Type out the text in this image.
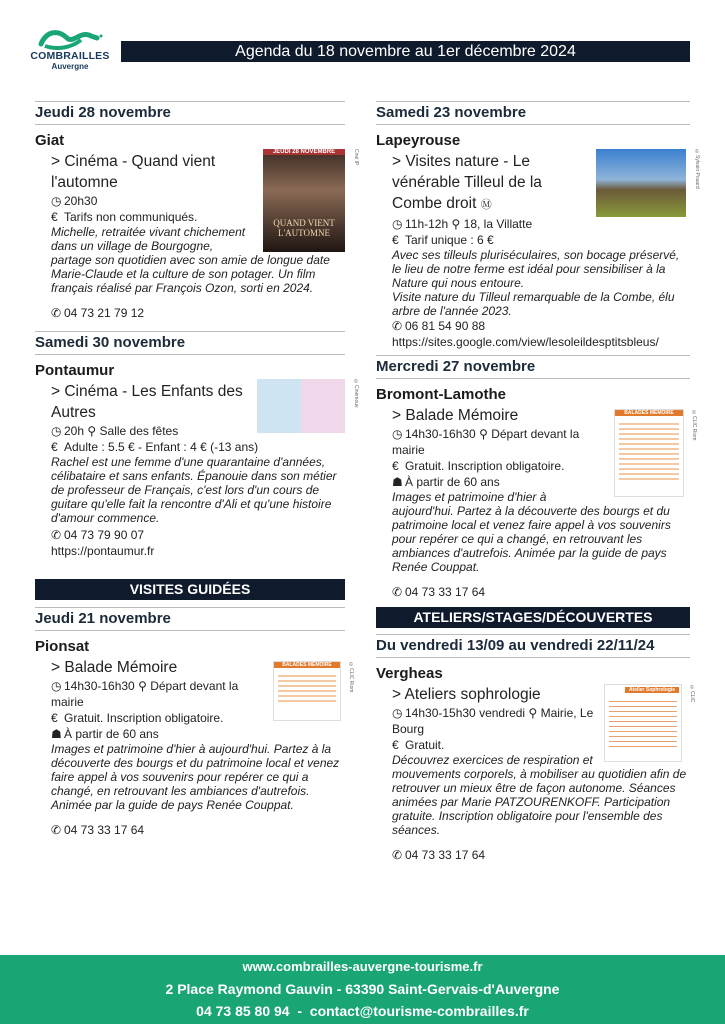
COMBRAILLES
Auvergne
Agenda du 18 novembre au 1er décembre 2024
Jeudi 28 novembre
Giat
JEUDI 28 NOVEMBRE
QUAND VIENT L'AUTOMNE
Ciné IP
> Cinéma - Quand vient l'automne
◷ 20h30
€ Tarifs non communiqués.
Michelle, retraitée vivant chichement dans un village de Bourgogne, partage son quotidien avec son amie de longue date Marie-Claude et la culture de son potager. Un film français réalisé par François Ozon, sorti en 2024.
✆ 04 73 21 79 12
Samedi 30 novembre
Pontaumur
©Cinémouv
> Cinéma - Les Enfants des Autres
◷ 20h ⚲ Salle des fêtes
€ Adulte : 5.5 € - Enfant : 4 € (-13 ans)
Rachel est une femme d'une quarantaine d'années, célibataire et sans enfants. Épanouie dans son métier de professeur de Français, c'est lors d'un cours de guitare qu'elle fait la rencontre d'Ali et qu'une histoire d'amour commence.
✆ 04 73 79 90 07
https://pontaumur.fr
VISITES GUIDÉES
Jeudi 21 novembre
Pionsat
BALADES MÉMOIRE	©CLIC Riom
> Balade Mémoire
◷ 14h30-16h30 ⚲ Départ devant la mairie
€ Gratuit. Inscription obligatoire.
☗ À partir de 60 ans
Images et patrimoine d'hier à aujourd'hui. Partez à la découverte des bourgs et du patrimoine local et venez faire appel à vos souvenirs pour repérer ce qui a changé, en retrouvant les ambiances d'autrefois. Animée par la guide de pays Renée Couppat.
✆ 04 73 33 17 64
Samedi 23 novembre
Lapeyrouse
©Sylvain Pouard
> Visites nature - Le vénérable Tilleul de la Combe droit Ⓜ
◷ 11h-12h ⚲ 18, la Villatte
€ Tarif unique : 6 €
Avec ses tilleuls pluriséculaires, son bocage préservé, le lieu de notre ferme est idéal pour sensibiliser à la Nature qui nous entoure.
Visite nature du Tilleul remarquable de la Combe, élu arbre de l'année 2023.
✆ 06 81 54 90 88
https://sites.google.com/view/lesoleildesptitsbleus/
Mercredi 27 novembre
Bromont-Lamothe
BALADES MÉMOIRE	©CLIC Riom
> Balade Mémoire
◷ 14h30-16h30 ⚲ Départ devant la mairie
€ Gratuit. Inscription obligatoire.
☗ À partir de 60 ans
Images et patrimoine d'hier à aujourd'hui. Partez à la découverte des bourgs et du patrimoine local et venez faire appel à vos souvenirs pour repérer ce qui a changé, en retrouvant les ambiances d'autrefois. Animée par la guide de pays Renée Couppat.
✆ 04 73 33 17 64
ATELIERS/STAGES/DÉCOUVERTES
Du vendredi 13/09 au vendredi 22/11/24
Vergheas
Atelier Sophrologie	©CLIC
> Ateliers sophrologie
◷ 14h30-15h30 vendredi ⚲ Mairie, Le Bourg
€ Gratuit.
Découvrez exercices de respiration et mouvements corporels, à mobiliser au quotidien afin de retrouver un mieux être de façon autonome. Séances animées par Marie PATZOURENKOFF. Participation gratuite. Inscription obligatoire pour l'ensemble des séances.
✆ 04 73 33 17 64
www.combrailles-auvergne-tourisme.fr
2 Place Raymond Gauvin - 63390 Saint-Gervais-d'Auvergne
04 73 85 80 94  -  contact@tourisme-combrailles.fr
